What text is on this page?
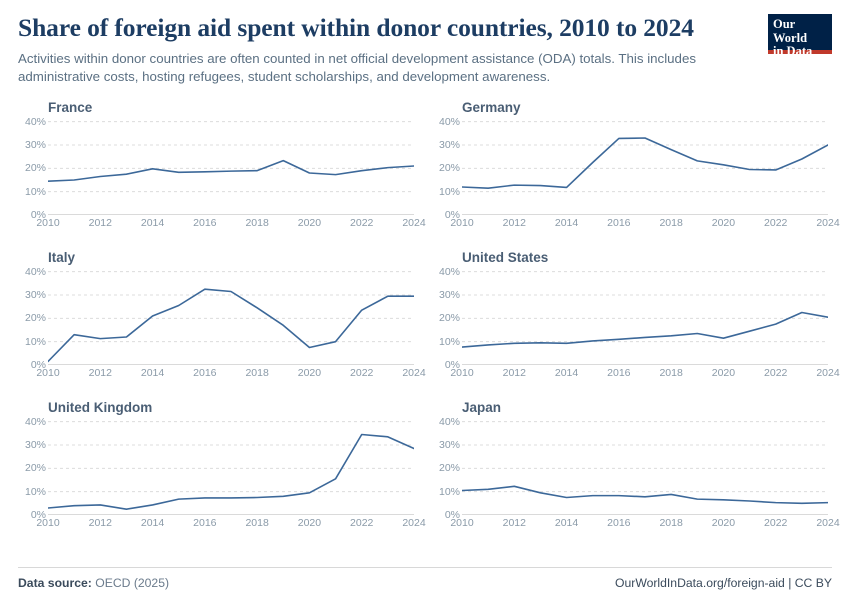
Share of foreign aid spent within donor countries, 2010 to 2024

Activities within donor countries are often counted in net official development assistance (ODA) totals. This includes administrative costs, hosting refugees, student scholarships, and development awareness.

Our World
in Data
France
0%
10%
20%
30%
40%
2010	2012	2014	2016	2018	2020	2022	2024
Germany
0%
10%
20%
30%
40%
2010	2012	2014	2016	2018	2020	2022	2024
Italy
0%
10%
20%
30%
40%
2010	2012	2014	2016	2018	2020	2022	2024
United States
0%
10%
20%
30%
40%
2010	2012	2014	2016	2018	2020	2022	2024
United Kingdom
0%
10%
20%
30%
40%
2010	2012	2014	2016	2018	2020	2022	2024
Japan
0%
10%
20%
30%
40%
2010	2012	2014	2016	2018	2020	2022	2024
Data source: OECD (2025)	OurWorldInData.org/foreign-aid | CC BY
